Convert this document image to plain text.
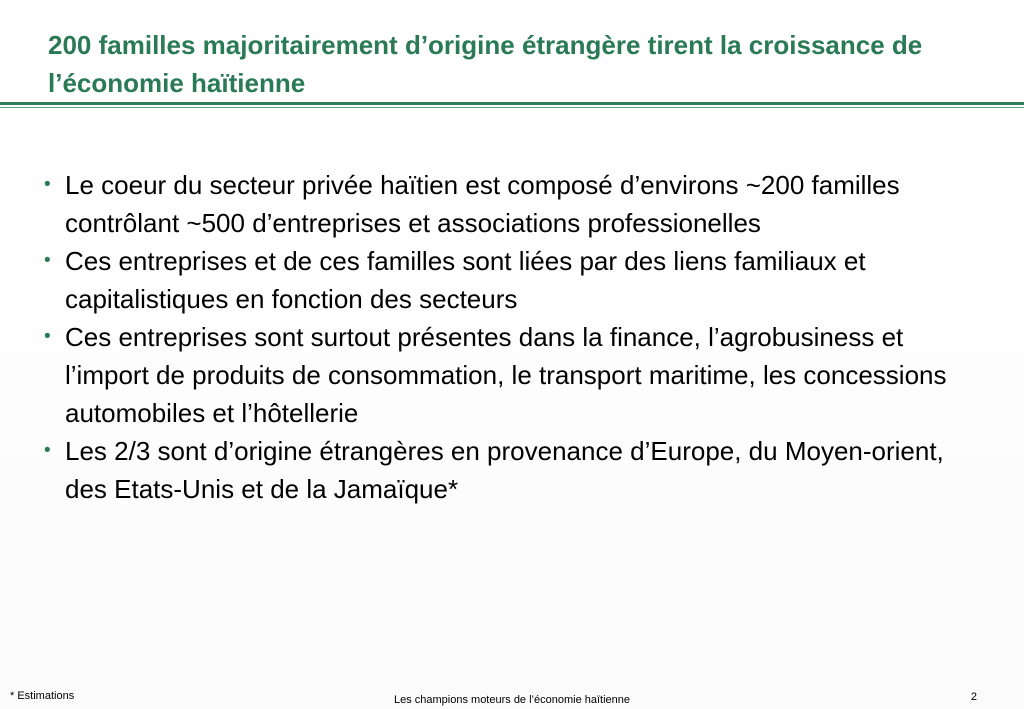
200 familles majoritairement d’origine étrangère tirent la croissance de l’économie haïtienne
• Le coeur du secteur privée haïtien est composé d’environs ~200 familles contrôlant ~500 d’entreprises et associations professionelles
• Ces entreprises et de ces familles sont liées par des liens familiaux et capitalistiques en fonction des secteurs
• Ces entreprises sont surtout présentes dans la finance, l’agrobusiness et l’import de produits de consommation, le transport maritime, les concessions automobiles et l’hôtellerie
• Les 2/3 sont d’origine étrangères en provenance d’Europe, du Moyen-orient, des Etats-Unis et de la Jamaïque*
* Estimations	Les champions moteurs de l’économie haïtienne	2
